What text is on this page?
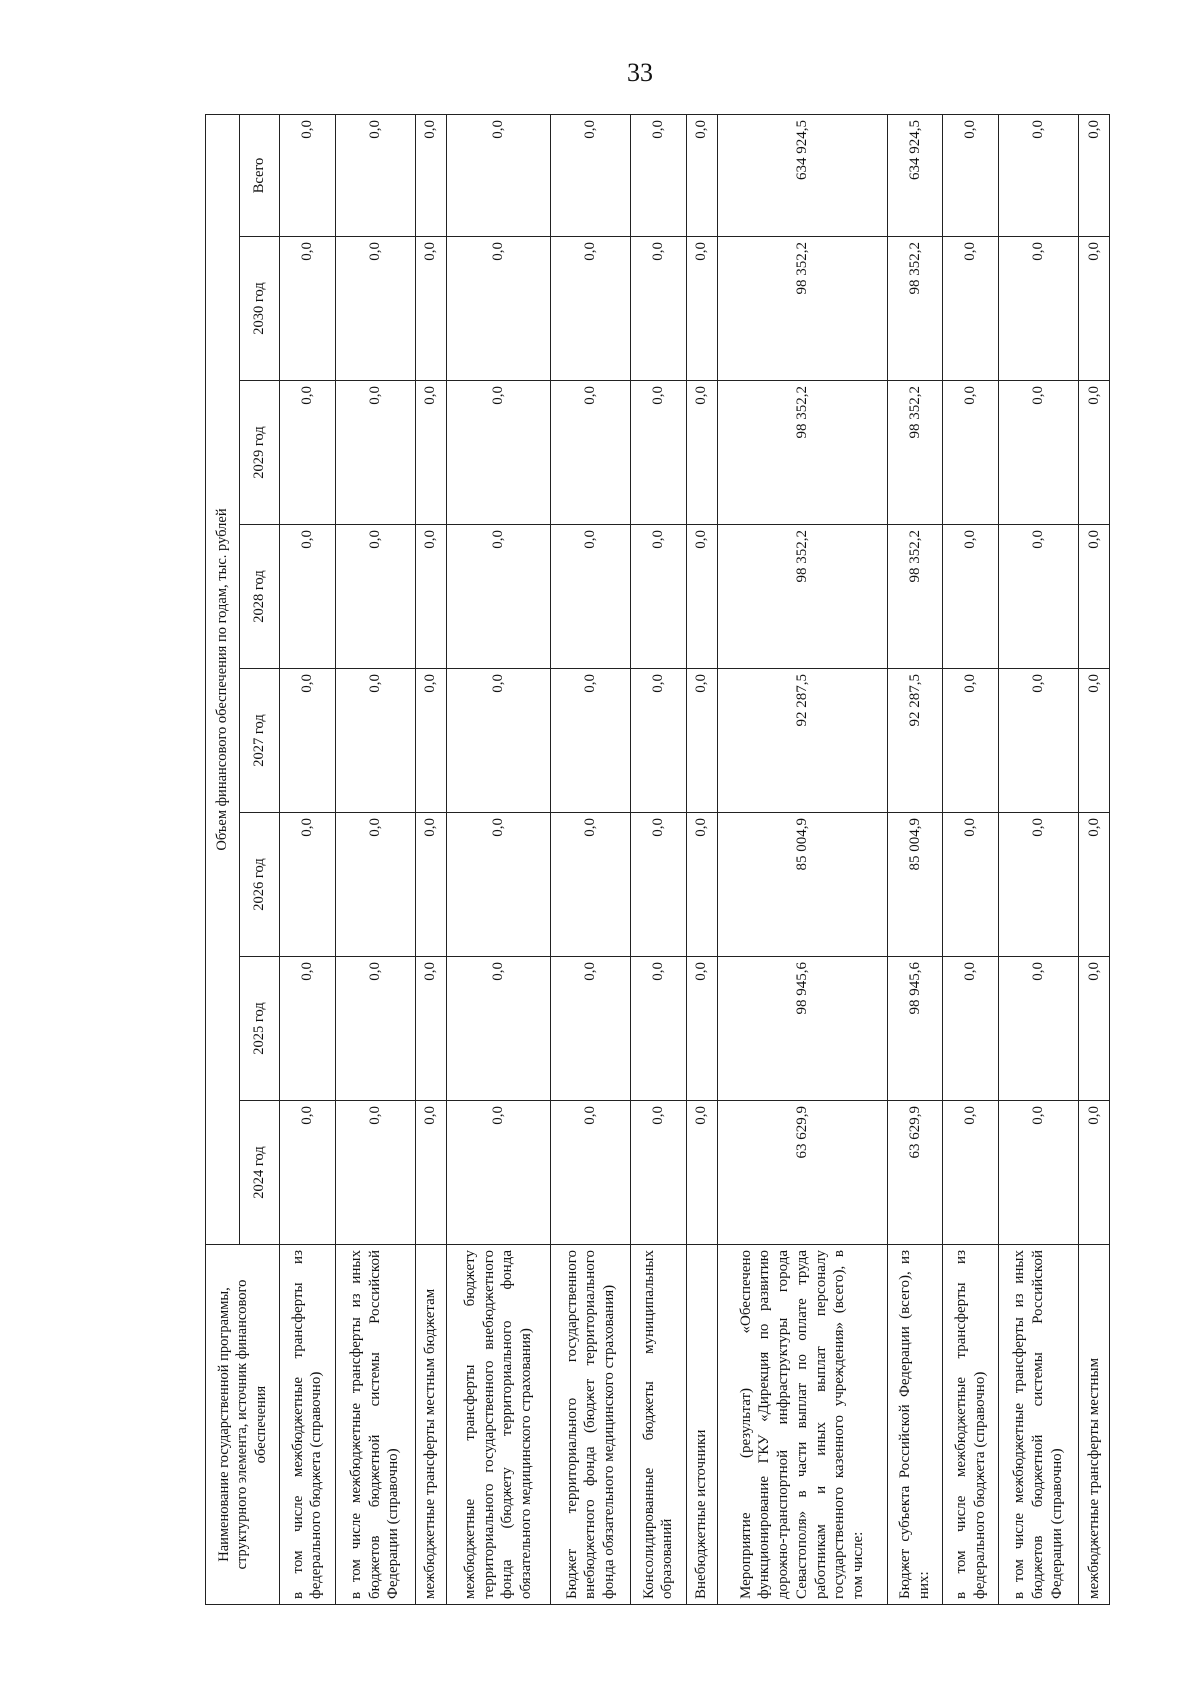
33
Наименование государственной программы, структурного элемента, источник финансового обеспечения	Объем финансового обеспечения по годам, тыс. рублей							
	2024 год	2025 год	2026 год	2027 год	2028 год	2029 год	2030 год	Всего
в том числе межбюджетные трансферты из федерального бюджета (справочно)	0,0	0,0	0,0	0,0	0,0	0,0	0,0	0,0
в том числе межбюджетные трансферты из иных бюджетов бюджетной системы Российской Федерации (справочно)	0,0	0,0	0,0	0,0	0,0	0,0	0,0	0,0
межбюджетные трансферты местным бюджетам	0,0	0,0	0,0	0,0	0,0	0,0	0,0	0,0
межбюджетные трансферты бюджету территориального государственного внебюджетного фонда (бюджету территориального фонда обязательного медицинского страхования)	0,0	0,0	0,0	0,0	0,0	0,0	0,0	0,0
Бюджет территориального государственного внебюджетного фонда (бюджет территориального фонда обязательного медицинского страхования)	0,0	0,0	0,0	0,0	0,0	0,0	0,0	0,0
Консолидированные бюджеты муниципальных образований	0,0	0,0	0,0	0,0	0,0	0,0	0,0	0,0
Внебюджетные источники	0,0	0,0	0,0	0,0	0,0	0,0	0,0	0,0
Мероприятие (результат) «Обеспечено функционирование ГКУ «Дирекция по развитию дорожно-транспортной инфраструктуры города Севастополя» в части выплат по оплате труда работникам и иных выплат персоналу государственного казенного учреждения» (всего), в том числе:	63 629,9	98 945,6	85 004,9	92 287,5	98 352,2	98 352,2	98 352,2	634 924,5
Бюджет субъекта Российской Федерации (всего), из них:	63 629,9	98 945,6	85 004,9	92 287,5	98 352,2	98 352,2	98 352,2	634 924,5
в том числе межбюджетные трансферты из федерального бюджета (справочно)	0,0	0,0	0,0	0,0	0,0	0,0	0,0	0,0
в том числе межбюджетные трансферты из иных бюджетов бюджетной системы Российской Федерации (справочно)	0,0	0,0	0,0	0,0	0,0	0,0	0,0	0,0
межбюджетные трансферты местным	0,0	0,0	0,0	0,0	0,0	0,0	0,0	0,0
